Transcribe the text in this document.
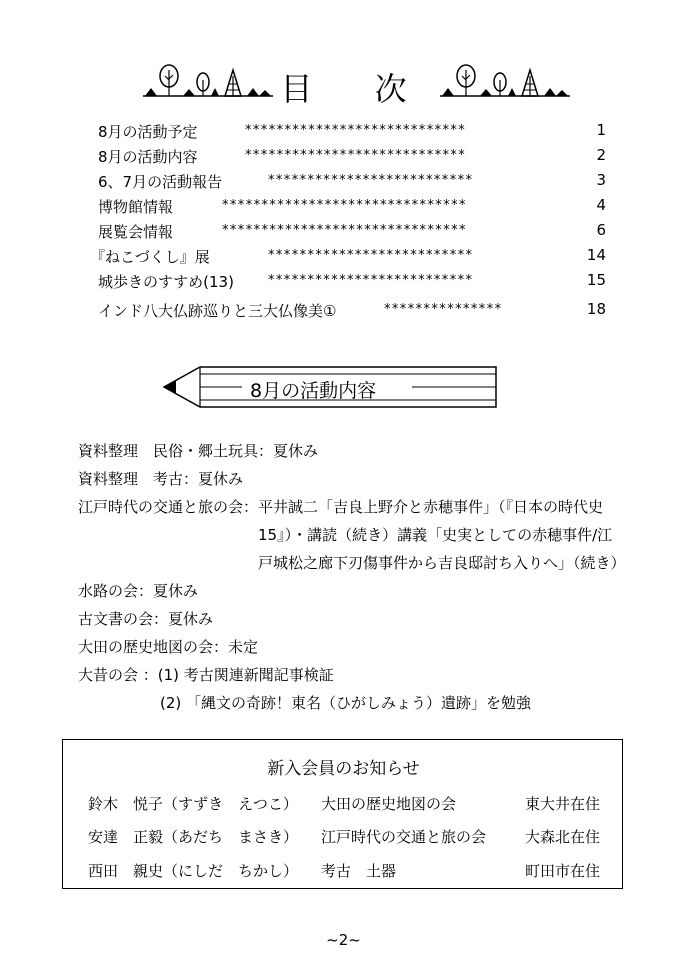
目 次
8月の活動予定	****************************	1
8月の活動内容	****************************	2
6、7月の活動報告	**************************	3
博物館情報	*******************************	4
展覧会情報	*******************************	6
『ねこづくし』展	**************************	14
城歩きのすすめ(13)	**************************	15
インド八大仏跡巡りと三大仏像美①	***************	18
8月の活動内容
資料整理　民俗・郷土玩具：夏休み
資料整理　考古：夏休み
江戸時代の交通と旅の会：平井誠二「吉良上野介と赤穂事件」（『日本の時代史
15』）・講読（続き）講義「史実としての赤穂事件/江
戸城松之廊下刃傷事件から吉良邸討ち入りへ」（続き）
水路の会：夏休み
古文書の会：夏休み
大田の歴史地図の会：未定
大昔の会 ：(1) 考古関連新聞記事検証
(2) 「縄文の奇跡！東名（ひがしみょう）遺跡」を勉強
新入会員のお知らせ
鈴木　悦子（すずき　えつこ） 大田の歴史地図の会	東大井在住
安達　正毅（あだち　まさき） 江戸時代の交通と旅の会	大森北在住
西田　親史（にしだ　ちかし） 考古　土器	町田市在住
~2~
